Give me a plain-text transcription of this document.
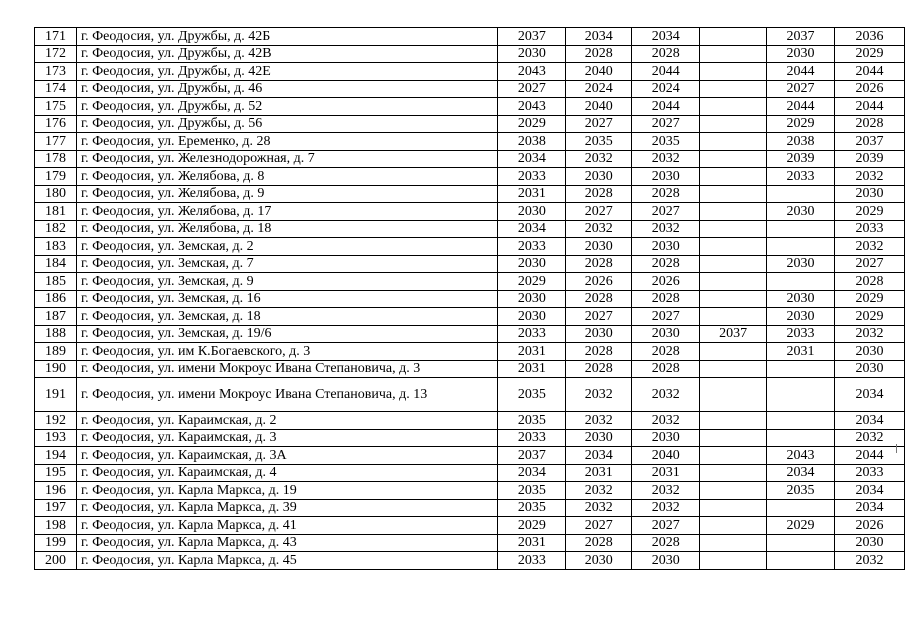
171	г. Феодосия, ул. Дружбы, д. 42Б	2037	2034	2034		2037	2036
172	г. Феодосия, ул. Дружбы, д. 42В	2030	2028	2028		2030	2029
173	г. Феодосия, ул. Дружбы, д. 42Е	2043	2040	2044		2044	2044
174	г. Феодосия, ул. Дружбы, д. 46	2027	2024	2024		2027	2026
175	г. Феодосия, ул. Дружбы, д. 52	2043	2040	2044		2044	2044
176	г. Феодосия, ул. Дружбы, д. 56	2029	2027	2027		2029	2028
177	г. Феодосия, ул. Еременко, д. 28	2038	2035	2035		2038	2037
178	г. Феодосия, ул. Железнодорожная, д. 7	2034	2032	2032		2039	2039
179	г. Феодосия, ул. Желябова, д. 8	2033	2030	2030		2033	2032
180	г. Феодосия, ул. Желябова, д. 9	2031	2028	2028			2030
181	г. Феодосия, ул. Желябова, д. 17	2030	2027	2027		2030	2029
182	г. Феодосия, ул. Желябова, д. 18	2034	2032	2032			2033
183	г. Феодосия, ул. Земская, д. 2	2033	2030	2030			2032
184	г. Феодосия, ул. Земская, д. 7	2030	2028	2028		2030	2027
185	г. Феодосия, ул. Земская, д. 9	2029	2026	2026			2028
186	г. Феодосия, ул. Земская, д. 16	2030	2028	2028		2030	2029
187	г. Феодосия, ул. Земская, д. 18	2030	2027	2027		2030	2029
188	г. Феодосия, ул. Земская, д. 19/6	2033	2030	2030	2037	2033	2032
189	г. Феодосия, ул. им К.Богаевского, д. 3	2031	2028	2028		2031	2030
190	г. Феодосия, ул. имени Мокроус Ивана Степановича, д. 3	2031	2028	2028			2030
191	г. Феодосия, ул. имени Мокроус Ивана Степановича, д. 13	2035	2032	2032			2034
192	г. Феодосия, ул. Караимская, д. 2	2035	2032	2032			2034
193	г. Феодосия, ул. Караимская, д. 3	2033	2030	2030			2032
194	г. Феодосия, ул. Караимская, д. 3А	2037	2034	2040		2043	2044
195	г. Феодосия, ул. Караимская, д. 4	2034	2031	2031		2034	2033
196	г. Феодосия, ул. Карла Маркса, д. 19	2035	2032	2032		2035	2034
197	г. Феодосия, ул. Карла Маркса, д. 39	2035	2032	2032			2034
198	г. Феодосия, ул. Карла Маркса, д. 41	2029	2027	2027		2029	2026
199	г. Феодосия, ул. Карла Маркса, д. 43	2031	2028	2028			2030
200	г. Феодосия, ул. Карла Маркса, д. 45	2033	2030	2030			2032
